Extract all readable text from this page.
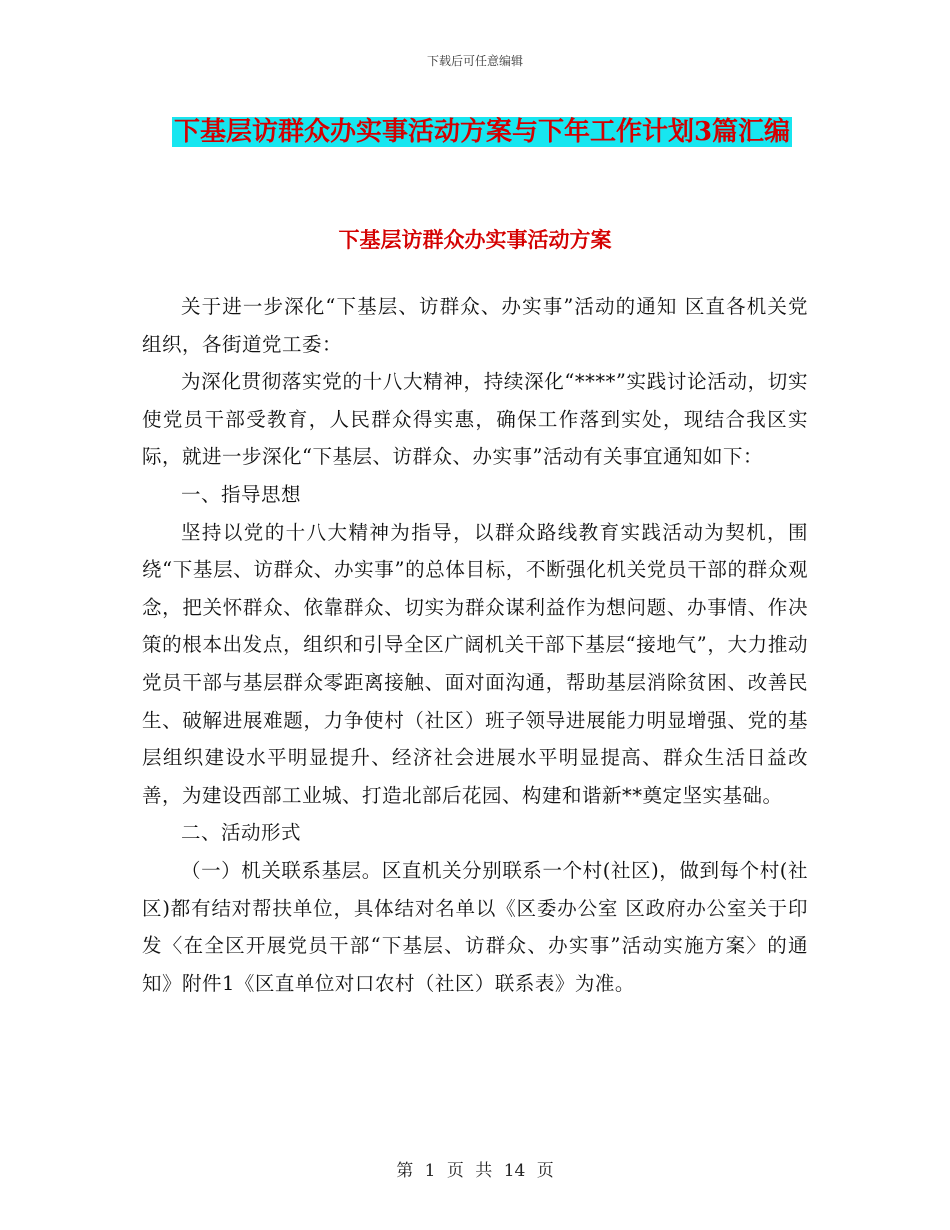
下载后可任意编辑
下基层访群众办实事活动方案与下年工作计划3篇汇编
下基层访群众办实事活动方案

关于进一步深化“下基层、访群众、办实事”活动的通知 区直各机关党组织，各街道党工委：

为深化贯彻落实党的十八大精神，持续深化“****”实践讨论活动，切实使党员干部受教育，人民群众得实惠，确保工作落到实处，现结合我区实际，就进一步深化“下基层、访群众、办实事”活动有关事宜通知如下：

一、指导思想

坚持以党的十八大精神为指导，以群众路线教育实践活动为契机，围绕“下基层、访群众、办实事”的总体目标，不断强化机关党员干部的群众观念，把关怀群众、依靠群众、切实为群众谋利益作为想问题、办事情、作决策的根本出发点，组织和引导全区广阔机关干部下基层“接地气”，大力推动党员干部与基层群众零距离接触、面对面沟通，帮助基层消除贫困、改善民生、破解进展难题，力争使村（社区）班子领导进展能力明显增强、党的基层组织建设水平明显提升、经济社会进展水平明显提高、群众生活日益改善，为建设西部工业城、打造北部后花园、构建和谐新**奠定坚实基础。

二、活动形式

（一）机关联系基层。区直机关分别联系一个村(社区)，做到每个村(社区)都有结对帮扶单位，具体结对名单以《区委办公室 区政府办公室关于印发〈在全区开展党员干部“下基层、访群众、办实事”活动实施方案〉的通知》附件1《区直单位对口农村（社区）联系表》为准。

第 1 页 共 14 页
